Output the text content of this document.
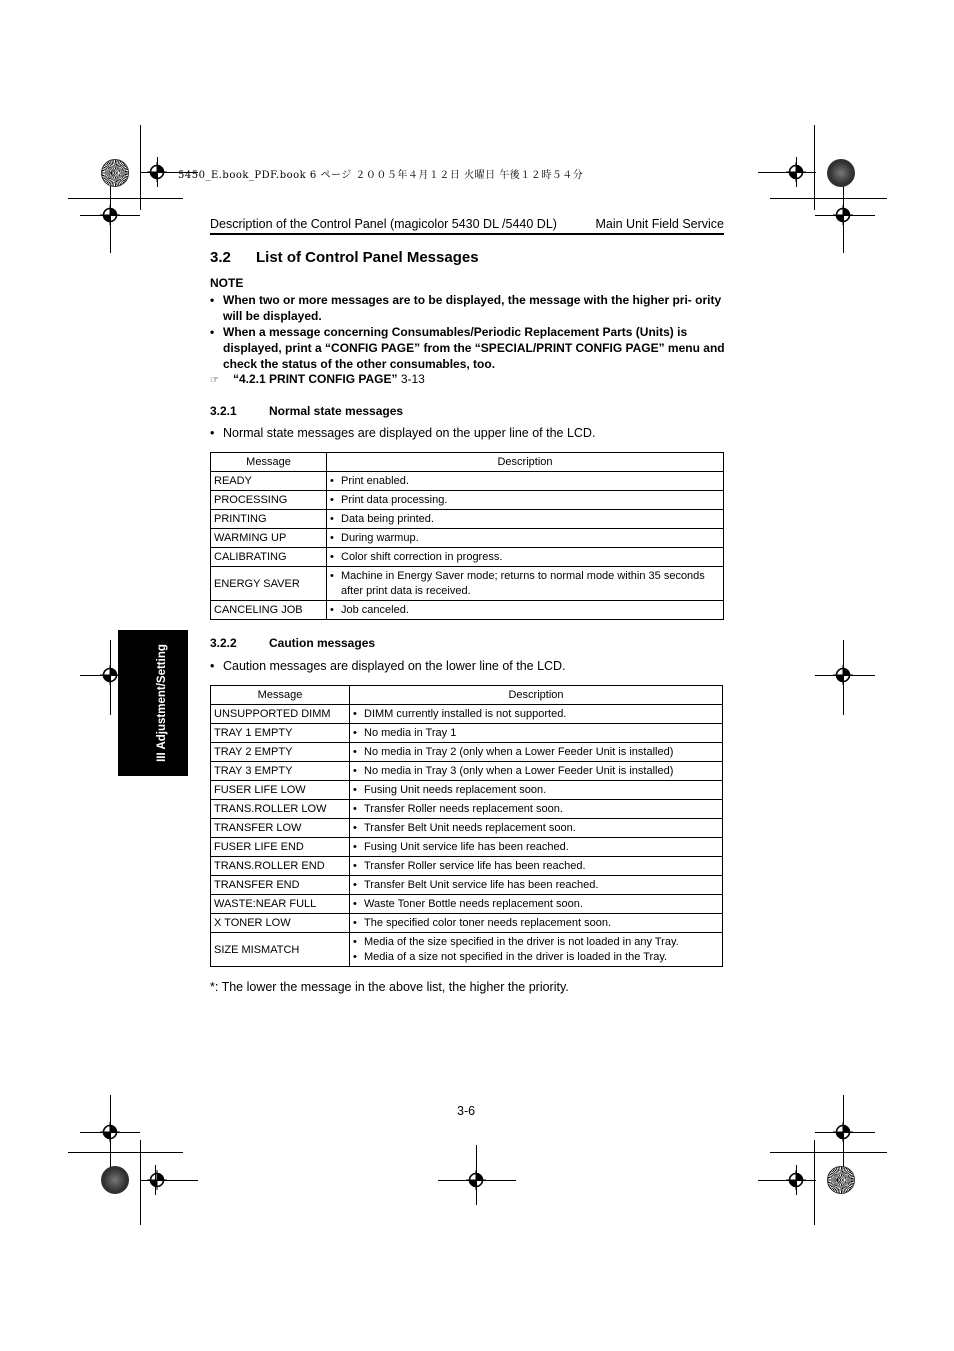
5450_E.book_PDF.book 6 ページ ２００５年４月１２日 火曜日 午後１２時５４分
Description of the Control Panel (magicolor 5430 DL /5440 DL)	Main Unit Field Service
3.2 List of Control Panel Messages
NOTE
• When two or more messages are to be displayed, the message with the higher pri- ority will be displayed.
• When a message concerning Consumables/Periodic Replacement Parts (Units) is displayed, print a “CONFIG PAGE” from the “SPECIAL/PRINT CONFIG PAGE” menu and check the status of the other consumables, too.
☞ “4.2.1 PRINT CONFIG PAGE” 3-13
3.2.1	Normal state messages
• Normal state messages are displayed on the upper line of the LCD.
Message	Description
READY	• Print enabled.

PROCESSING	• Print data processing.

PRINTING	• Data being printed.

WARMING UP	• During warmup.

CALIBRATING	• Color shift correction in progress.

ENERGY SAVER	• Machine in Energy Saver mode; returns to normal mode within 35 seconds after print data is received.

CANCELING JOB	• Job canceled.
3.2.2	Caution messages
• Caution messages are displayed on the lower line of the LCD.
Message	Description
UNSUPPORTED DIMM	• DIMM currently installed is not supported.

TRAY 1 EMPTY	• No media in Tray 1

TRAY 2 EMPTY	• No media in Tray 2 (only when a Lower Feeder Unit is installed)

TRAY 3 EMPTY	• No media in Tray 3 (only when a Lower Feeder Unit is installed)

FUSER LIFE LOW	• Fusing Unit needs replacement soon.

TRANS.ROLLER LOW	• Transfer Roller needs replacement soon.

TRANSFER LOW	• Transfer Belt Unit needs replacement soon.

FUSER LIFE END	• Fusing Unit service life has been reached.

TRANS.ROLLER END	• Transfer Roller service life has been reached.

TRANSFER END	• Transfer Belt Unit service life has been reached.

WASTE:NEAR FULL	• Waste Toner Bottle needs replacement soon.

X TONER LOW	• The specified color toner needs replacement soon.

SIZE MISMATCH	• Media of the size specified in the driver is not loaded in any Tray.
• Media of a size not specified in the driver is loaded in the Tray.
*: The lower the message in the above list, the higher the priority.
3-6
III Adjustment/Setting
